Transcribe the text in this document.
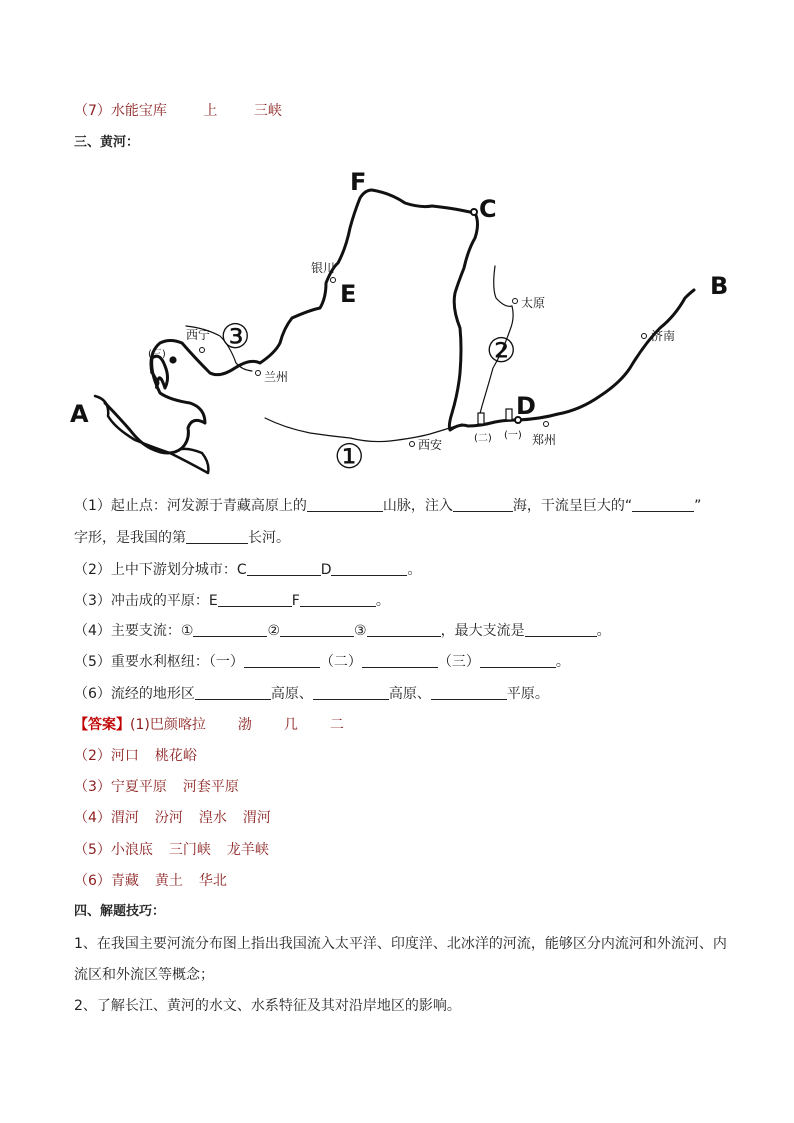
（7）水能宝库	上	三峡
三、黄河：
F
C
E	B
A	D
银川
西宁
兰州
西安
太原
济南
郑州
①
②
③
(一)
(二)
(三)
（1）起止点：河发源于青藏高原上的	山脉，注入	海，干流呈巨大的“	”
字形，是我国的第	长河。
（2）上中下游划分城市：C	D	。
（3）冲击成的平原：E	F	。
（4）主要支流：①	②	③	，最大支流是	。
（5）重要水利枢纽：（一）	（二）	（三）	。
（6）流经的地形区	高原、	高原、	平原。
【答案】(1)巴颜喀拉 渤 几 二
（2）河口 桃花峪
（3）宁夏平原 河套平原
（4）渭河 汾河 湟水 渭河
（5）小浪底 三门峡 龙羊峡
（6）青藏 黄土 华北
四、解题技巧：
1、在我国主要河流分布图上指出我国流入太平洋、印度洋、北冰洋的河流，能够区分内流河和外流河、内
流区和外流区等概念；
2、了解长江、黄河的水文、水系特征及其对沿岸地区的影响。
